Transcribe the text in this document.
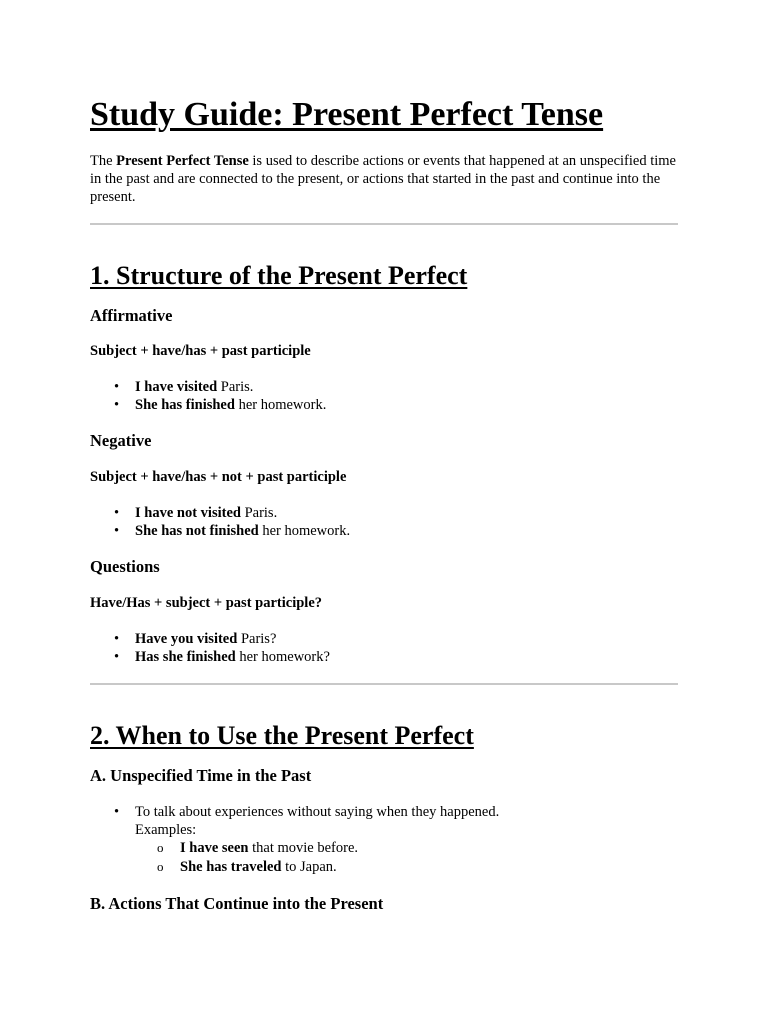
Study Guide: Present Perfect Tense

The Present Perfect Tense is used to describe actions or events that happened at an unspecified time in the past and are connected to the present, or actions that started in the past and continue into the present.

1. Structure of the Present Perfect
Affirmative

Subject + have/has + past participle

• I have visited Paris.
• She has finished her homework.
Negative

Subject + have/has + not + past participle

• I have not visited Paris.
• She has not finished her homework.
Questions

Have/Has + subject + past participle?

• Have you visited Paris?
• Has she finished her homework?
2. When to Use the Present Perfect
A. Unspecified Time in the Past
• To talk about experiences without saying when they happened.
Examples:
o I have seen that movie before.
o She has traveled to Japan.
B. Actions That Continue into the Present
